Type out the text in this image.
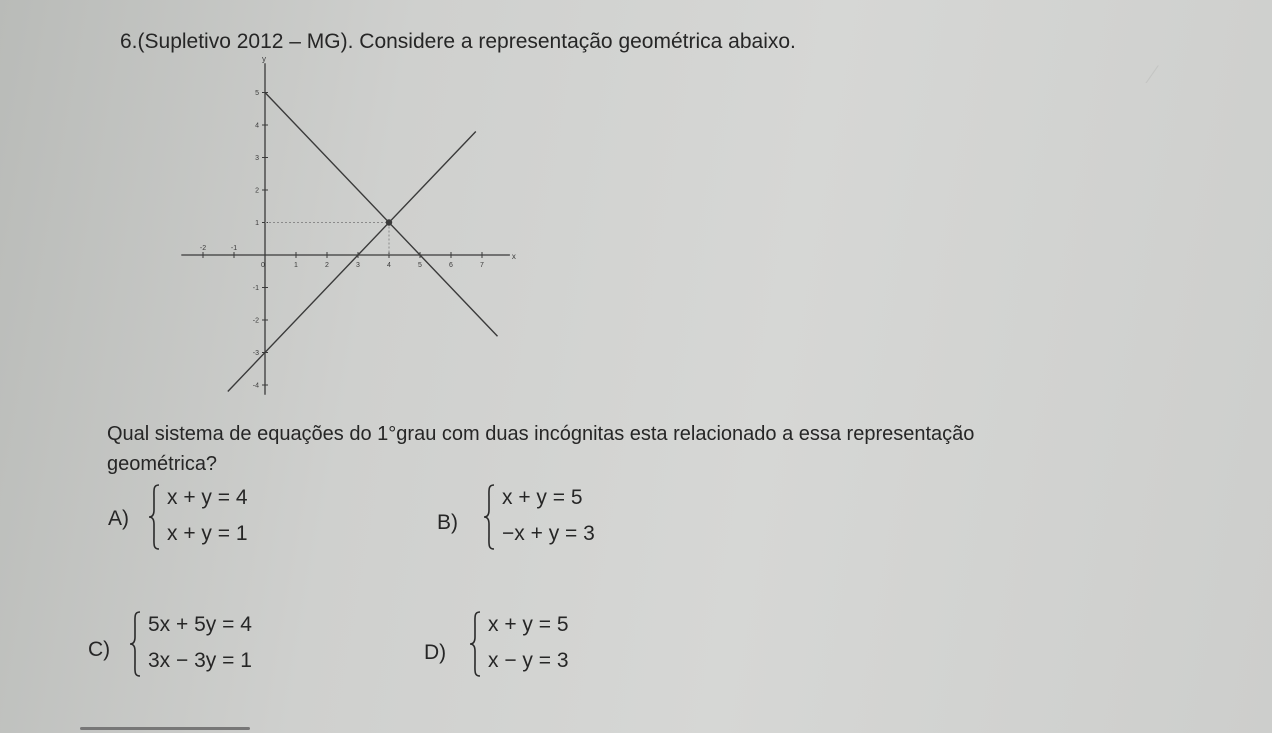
⁄
6.(Supletivo 2012 – MG). Considere a representação geométrica abaixo.
x
y
-2	-1
0	1	2	3	4	5	6	7
5
4
3
2
1
-1
-2
-3
-4
Qual sistema de equações do 1°grau com duas incógnitas esta relacionado a essa representação geométrica?
A)
x + y = 4
x + y = 1	B)
x + y = 5
−x + y = 3
C)
5x + 5y = 4
3x − 3y = 1	D)
x + y = 5
x − y = 3
